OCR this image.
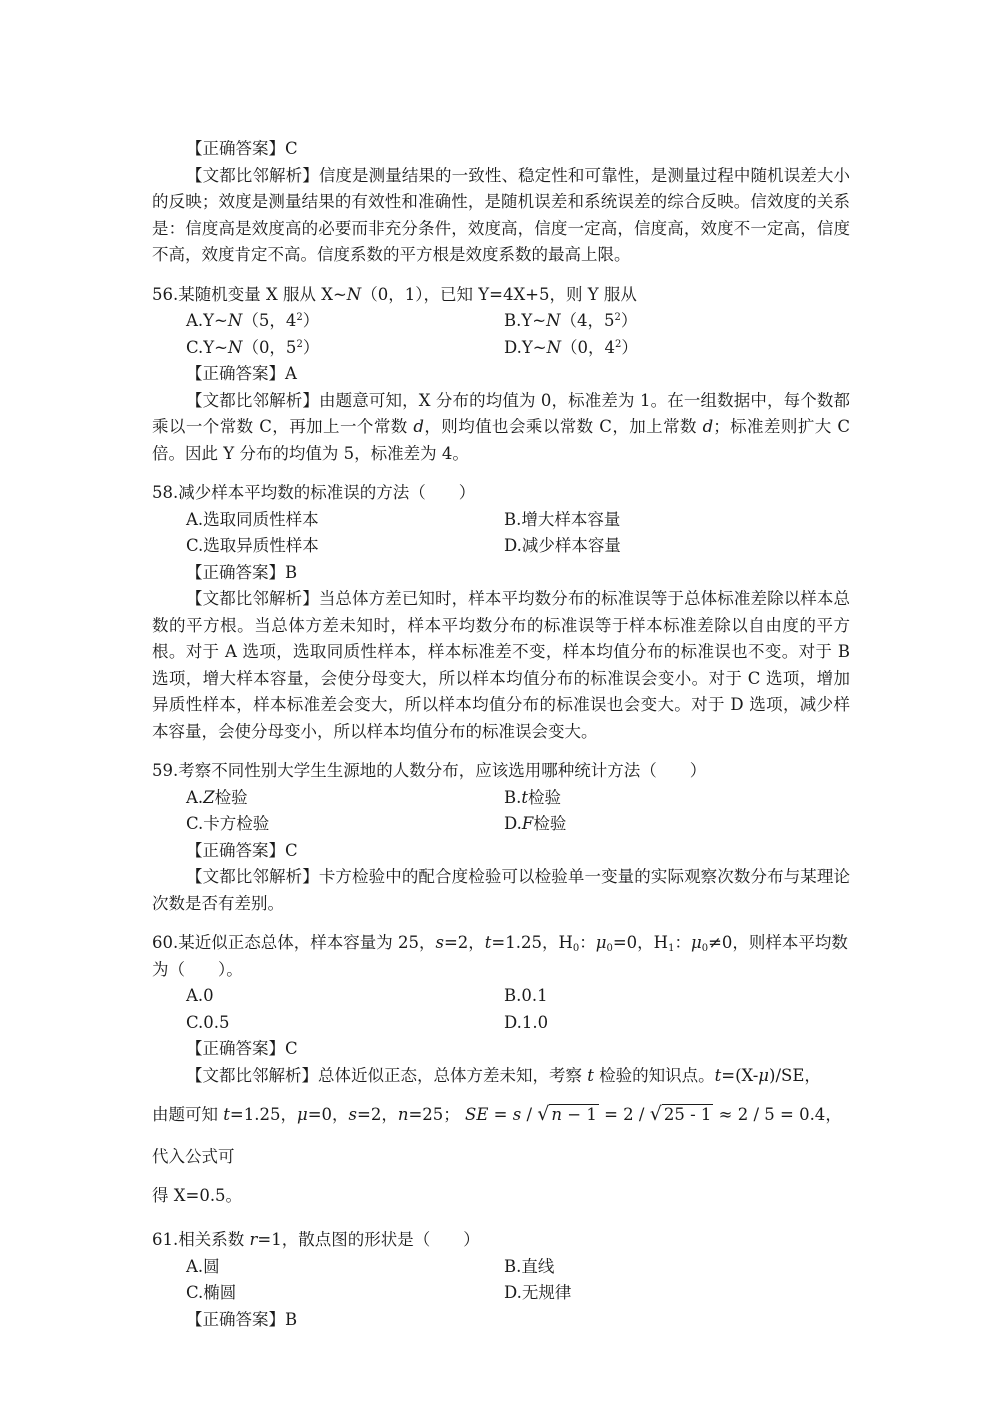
【正确答案】C
【文都比邻解析】信度是测量结果的一致性、稳定性和可靠性，是测量过程中随机误差大小的反映；效度是测量结果的有效性和准确性，是随机误差和系统误差的综合反映。信效度的关系是：信度高是效度高的必要而非充分条件，效度高，信度一定高，信度高，效度不一定高，信度不高，效度肯定不高。信度系数的平方根是效度系数的最高上限。
56.某随机变量 X 服从 X~N（0，1），已知 Y=4X+5，则 Y 服从
A.Y~N（5，$4^2$）	B.Y~N（4，$5^2$）
C.Y~N（0，$5^2$）	D.Y~N（0，$4^2$）
【正确答案】A
【文都比邻解析】由题意可知，X 分布的均值为 0，标准差为 1。在一组数据中，每个数都乘以一个常数 C，再加上一个常数 d，则均值也会乘以常数 C，加上常数 d；标准差则扩大 C 倍。因此 Y 分布的均值为 5，标准差为 4。
58.减少样本平均数的标准误的方法（　　）
A.选取同质性样本	B.增大样本容量
C.选取异质性样本	D.减少样本容量
【正确答案】B
【文都比邻解析】当总体方差已知时，样本平均数分布的标准误等于总体标准差除以样本总数的平方根。当总体方差未知时，样本平均数分布的标准误等于样本标准差除以自由度的平方根。对于 A 选项，选取同质性样本，样本标准差不变，样本均值分布的标准误也不变。对于 B 选项，增大样本容量，会使分母变大，所以样本均值分布的标准误会变小。对于 C 选项，增加异质性样本，样本标准差会变大，所以样本均值分布的标准误也会变大。对于 D 选项，减少样本容量，会使分母变小，所以样本均值分布的标准误会变大。
59.考察不同性别大学生生源地的人数分布，应该选用哪种统计方法（　　）
A.Z检验	B.t检验
C.卡方检验	D.F检验
【正确答案】C
【文都比邻解析】卡方检验中的配合度检验可以检验单一变量的实际观察次数分布与某理论次数是否有差别。
60.某近似正态总体，样本容量为 25，s=2，t=1.25，$H_0$：$\mu_0=0$，$H_1$：$\mu_0\ne 0$，则样本平均数为（　　）。
A.0	B.0.1
C.0.5	D.1.0
【正确答案】C
【文都比邻解析】总体近似正态，总体方差未知，考察 t 检验的知识点。t=(X-μ)/SE，
由题可知 t=1.25，μ=0，s=2，n=25； SE = s / √ n − 1 = 2 / √ 25 - 1 ≈ 2 / 5 = 0.4，代入公式可
得 X=0.5。
61.相关系数 r=1，散点图的形状是（　　）
A.圆	B.直线
C.椭圆	D.无规律
【正确答案】B
